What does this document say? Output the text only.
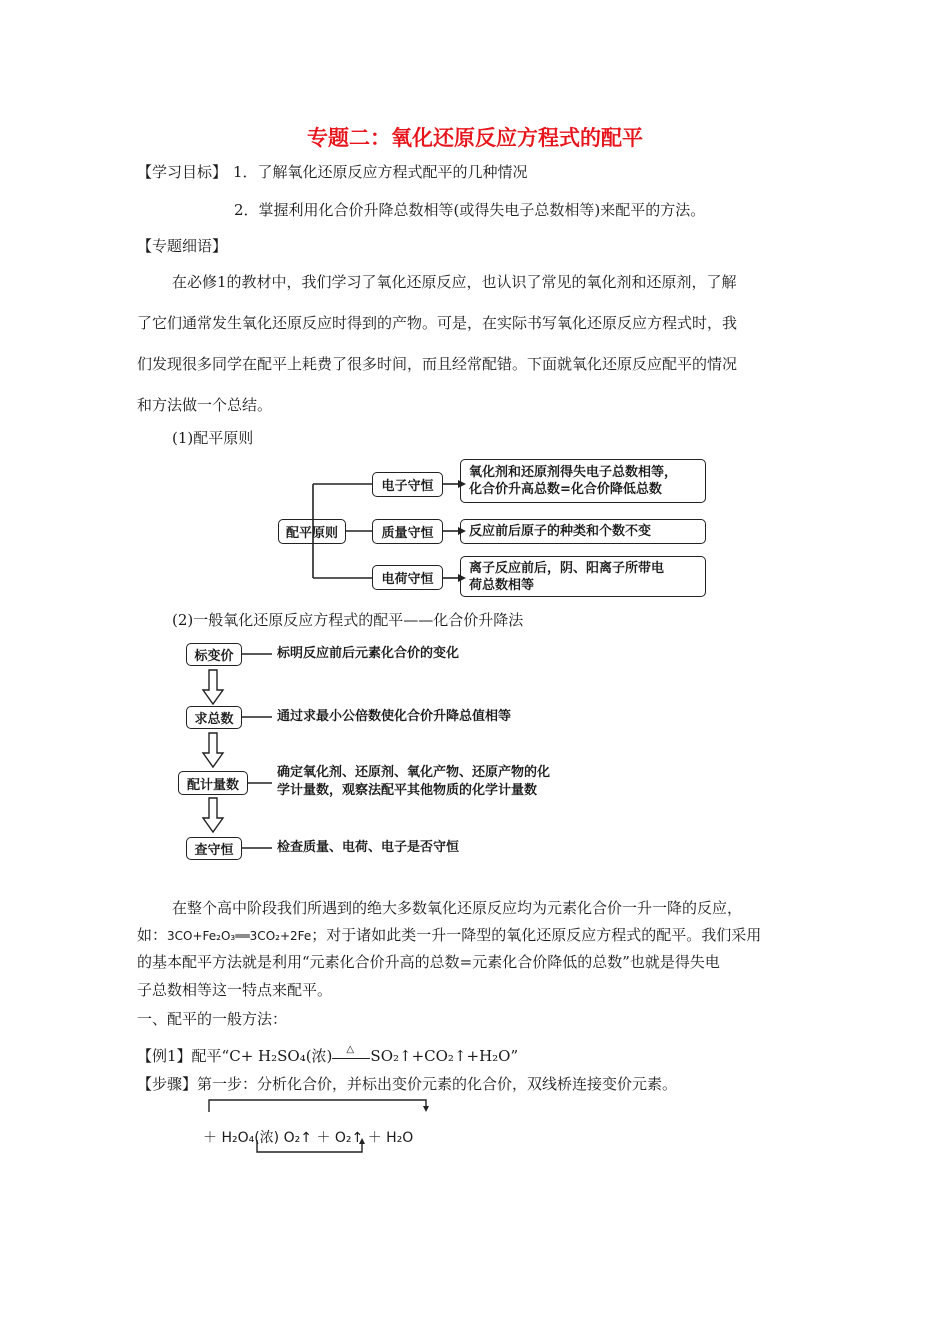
专题二：氧化还原反应方程式的配平
【学习目标】 1．了解氧化还原反应方程式配平的几种情况
2．掌握利用化合价升降总数相等(或得失电子总数相等)来配平的方法。
【专题细语】
在必修1的教材中，我们学习了氧化还原反应，也认识了常见的氧化剂和还原剂，了解
了它们通常发生氧化还原反应时得到的产物。可是，在实际书写氧化还原反应方程式时，我
们发现很多同学在配平上耗费了很多时间，而且经常配错。下面就氧化还原反应配平的情况
和方法做一个总结。
(1)配平原则
配平原则
电子守恒
质量守恒
电荷守恒
氧化剂和还原剂得失电子总数相等，
化合价升高总数=化合价降低总数
反应前后原子的种类和个数不变
离子反应前后，阴、阳离子所带电
荷总数相等
(2)一般氧化还原反应方程式的配平——化合价升降法
标变价	标明反应前后元素化合价的变化
求总数	通过求最小公倍数使化合价升降总值相等
配计量数
确定氧化剂、还原剂、氧化产物、还原产物的化
学计量数，观察法配平其他物质的化学计量数
查守恒	检查质量、电荷、电子是否守恒
在整个高中阶段我们所遇到的绝大多数氧化还原反应均为元素化合价一升一降的反应，
如：3CO+Fe₂O₃══3CO₂+2Fe；对于诸如此类一升一降型的氧化还原反应方程式的配平。我们采用
的基本配平方法就是利用“元素化合价升高的总数=元素化合价降低的总数”也就是得失电
子总数相等这一特点来配平。
一、配平的一般方法：
【例1】配平“C+ H₂SO₄(浓) △ SO₂↑+CO₂↑+H₂O”
【步骤】第一步：分析化合价，并标出变价元素的化合价，双线桥连接变价元素。
＋ H₂O₄(浓) O₂↑ ＋ O₂↑ ＋ H₂O
